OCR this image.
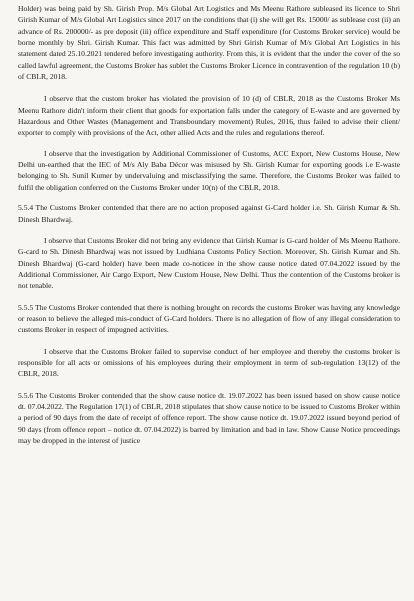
Holder) was being paid by Sh. Girish Prop. M/s Global Art Logistics and Ms Meenu Rathore subleased its licence to Shri Girish Kumar of M/s Global Art Logistics since 2017 on the conditions that (i) she will get Rs. 15000/ as sublease cost (ii) an advance of Rs. 200000/- as pre deposit (iii) office expenditure and Staff expenditure (for Customs Broker service) would be borne monthly by Shri. Girish Kumar. This fact was admitted by Shri Girish Kumar of M/s Global Art Logistics in his statement dated 25.10.2021 tendered before investigating authority. From this, it is evident that the under the cover of the so called lawful agreement, the Customs Broker has sublet the Customs Broker Licence in contravention of the regulation 10 (b) of CBLR, 2018.

I observe that the custom broker has violated the provision of 10 (d) of CBLR, 2018 as the Customs Broker Ms Meenu Rathore didn't inform their client that goods for exportation falls under the category of E-waste and are governed by Hazardous and Other Wastes (Management and Transboundary movement) Rules, 2016, thus failed to advise their client/ exporter to comply with provisions of the Act, other allied Acts and the rules and regulations thereof.

I observe that the investigation by Additional Commissioner of Customs, ACC Export, New Customs House, New Delhi un-earthed that the IEC of M/s Aly Baba Décor was misused by Sh. Girish Kumar for exporting goods i.e E-waste belonging to Sh. Sunil Kumer by undervaluing and misclassifying the same. Therefore, the Customs Broker was failed to fulfil the obligation conferred on the Customs Broker under 10(n) of the CBLR, 2018.

5.5.4 The Customs Broker contended that there are no action proposed against G-Card holder i.e. Sh. Girish Kumar & Sh. Dinesh Bhardwaj.

I observe that Customs Broker did not bring any evidence that Girish Kumar is G-card holder of Ms Meenu Rathore. G-card to Sh. Dinesh Bhardwaj was not issued by Ludhiana Customs Policy Section. Moreover, Sh. Girish Kumar and Sh. Dinesh Bhardwaj (G-card holder) have been made co-noticee in the show cause notice dated 07.04.2022 issued by the Additional Commissioner, Air Cargo Export, New Custom House, New Delhi. Thus the contention of the Customs broker is not tenable.

5.5.5 The Customs Broker contended that there is nothing brought on records the customs Broker was having any knowledge or reason to believe the alleged mis-conduct of G-Card holders. There is no allegation of flow of any illegal consideration to customs Broker in respect of impugned activities.

I observe that the Customs Broker failed to supervise conduct of her employee and thereby the customs broker is responsible for all acts or omissions of his employees during their employment in term of sub-regulation 13(12) of the CBLR, 2018.

5.5.6 The Customs Broker contended that the show cause notice dt. 19.07.2022 has been issued based on show cause notice dt. 07.04.2022. The Regulation 17(1) of CBLR, 2018 stipulates that show cause notice to be issued to Customs Broker within a period of 90 days from the date of receipt of offence report. The show cause notice dt. 19.07.2022 issued beyond period of 90 days (from offence report – notice dt. 07.04.2022) is barred by limitation and bad in law. Show Cause Notice proceedings may be dropped in the interest of justice
